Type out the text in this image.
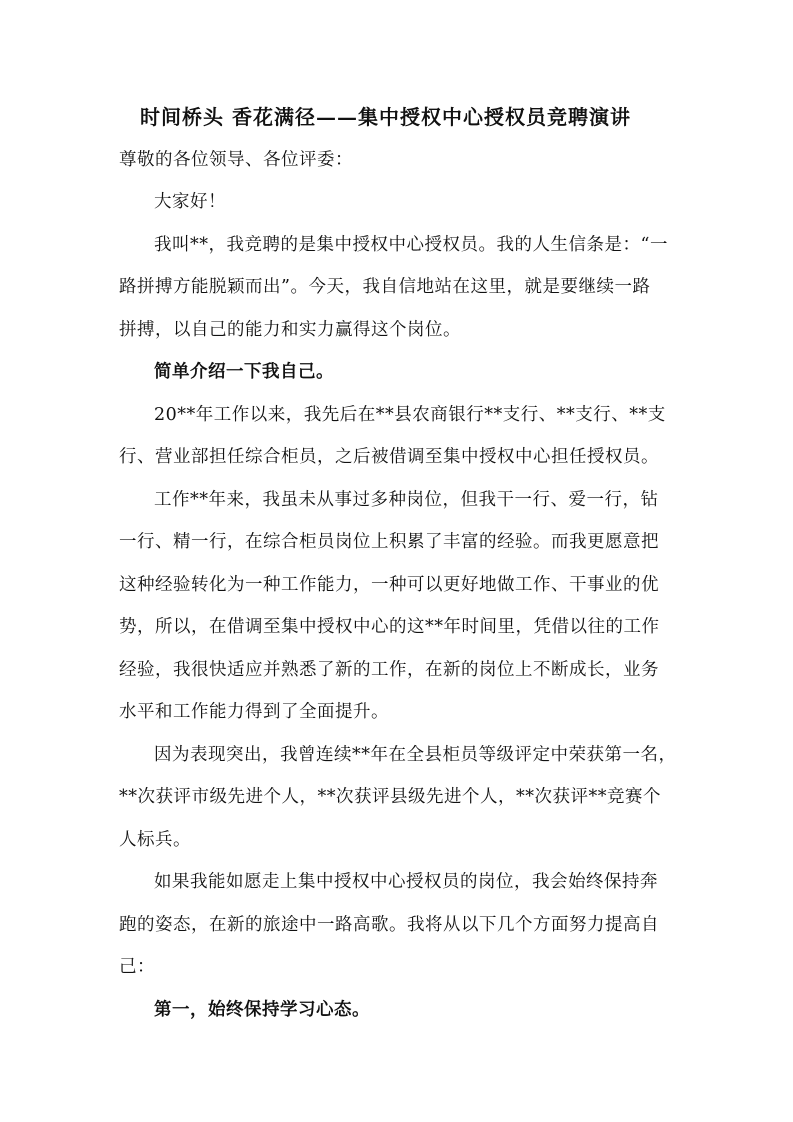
时间桥头 香花满径——集中授权中心授权员竞聘演讲
尊敬的各位领导、各位评委：
大家好！
我叫**，我竞聘的是集中授权中心授权员。我的人生信条是：“一
路拼搏方能脱颖而出”。今天，我自信地站在这里，就是要继续一路
拼搏，以自己的能力和实力赢得这个岗位。
简单介绍一下我自己。
20**年工作以来，我先后在**县农商银行**支行、**支行、**支
行、营业部担任综合柜员，之后被借调至集中授权中心担任授权员。
工作**年来，我虽未从事过多种岗位，但我干一行、爱一行，钻
一行、精一行，在综合柜员岗位上积累了丰富的经验。而我更愿意把
这种经验转化为一种工作能力，一种可以更好地做工作、干事业的优
势，所以，在借调至集中授权中心的这**年时间里，凭借以往的工作
经验，我很快适应并熟悉了新的工作，在新的岗位上不断成长，业务
水平和工作能力得到了全面提升。
因为表现突出，我曾连续**年在全县柜员等级评定中荣获第一名，
**次获评市级先进个人，**次获评县级先进个人，**次获评**竞赛个
人标兵。
如果我能如愿走上集中授权中心授权员的岗位，我会始终保持奔
跑的姿态，在新的旅途中一路高歌。我将从以下几个方面努力提高自
己：
第一，始终保持学习心态。
